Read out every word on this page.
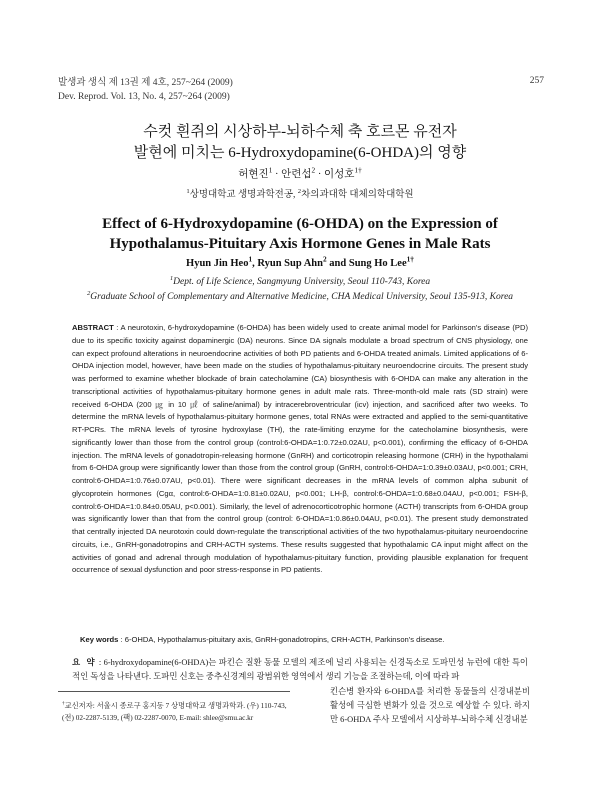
발생과 생식 제 13권 제 4호, 257~264 (2009)
Dev. Reprod. Vol. 13, No. 4, 257~264 (2009)
257
수컷 흰쥐의 시상하부-뇌하수체 축 호르몬 유전자
발현에 미치는 6-Hydroxydopamine(6-OHDA)의 영향
허현진$^1$ · 안련섭$^2$ · 이성호$^{1\dagger}$
$^1$상명대학교 생명과학전공, $^2$차의과대학 대체의학대학원
Effect of 6-Hydroxydopamine (6-OHDA) on the Expression of
Hypothalamus-Pituitary Axis Hormone Genes in Male Rats
Hyun Jin Heo$^1$, Ryun Sup Ahn$^2$ and Sung Ho Lee$^{1\dagger}$
$^1$Dept. of Life Science, Sangmyung University, Seoul 110-743, Korea
$^2$Graduate School of Complementary and Alternative Medicine, CHA Medical University, Seoul 135-913, Korea
ABSTRACT : A neurotoxin, 6-hydroxydopamine (6-OHDA) has been widely used to create animal model for Parkinson's disease (PD) due to its specific toxicity against dopaminergic (DA) neurons. Since DA signals modulate a broad spectrum of CNS physiology, one can expect profound alterations in neuroendocrine activities of both PD patients and 6-OHDA treated animals. Limited applications of 6-OHDA injection model, however, have been made on the studies of hypothalamus-pituitary neuroendocrine circuits. The present study was performed to examine whether blockade of brain catecholamine (CA) biosynthesis with 6-OHDA can make any alteration in the transcriptional activities of hypothalamus-pituitary hormone genes in adult male rats. Three-month-old male rats (SD strain) were received 6-OHDA (200 ㎍ in 10 ㎕ of saline/animal) by intracerebroventricular (icv) injection, and sacrificed after two weeks. To determine the mRNA levels of hypothalamus-pituitary hormone genes, total RNAs were extracted and applied to the semi-quantitative RT-PCRs. The mRNA levels of tyrosine hydroxylase (TH), the rate-limiting enzyme for the catecholamine biosynthesis, were significantly lower than those from the control group (control:6-OHDA=1:0.72±0.02AU, p<0.001), confirming the efficacy of 6-OHDA injection. The mRNA levels of gonadotropin-releasing hormone (GnRH) and corticotropin releasing hormone (CRH) in the hypothalami from 6-OHDA group were significantly lower than those from the control group (GnRH, control:6-OHDA=1:0.39±0.03AU, p<0.001; CRH, control:6-OHDA=1:0.76±0.07AU, p<0.01). There were significant decreases in the mRNA levels of common alpha subunit of glycoprotein hormones (Cgα, control:6-OHDA=1:0.81±0.02AU, p<0.001; LH-β, control:6-OHDA=1:0.68±0.04AU, p<0.001; FSH-β, control:6-OHDA=1:0.84±0.05AU, p<0.001). Similarly, the level of adrenocorticotrophic hormone (ACTH) transcripts from 6-OHDA group was significantly lower than that from the control group (control: 6-OHDA=1:0.86±0.04AU, p<0.01). The present study demonstrated that centrally injected DA neurotoxin could down-regulate the transcriptional activities of the two hypothalamus-pituitary neuroendocrine circuits, i.e., GnRH-gonadotropins and CRH-ACTH systems. These results suggested that hypothalamic CA input might affect on the activities of gonad and adrenal through modulation of hypothalamus-pituitary function, providing plausible explanation for frequent occurrence of sexual dysfunction and poor stress-response in PD patients.
Key words : 6-OHDA, Hypothalamus-pituitary axis, GnRH-gonadotropins, CRH-ACTH, Parkinson's disease.
요 약 : 6-hydroxydopamine(6-OHDA)는 파킨슨 질환 동물 모델의 제조에 널리 사용되는 신경독소로 도파민성 뉴런에 대한 특이적인 독성을 나타낸다. 도파민 신호는 중추신경계의 광범위한 영역에서 생리 기능을 조절하는데, 이에 따라 파
†교신저자: 서울시 종로구 홍지동 7 상명대학교 생명과학과. (우) 110-743,
(전) 02-2287-5139, (팩) 02-2287-0070, E-mail: shlee@smu.ac.kr
킨슨병 환자와 6-OHDA를 처리한 동물들의 신경내분비 활성에 극심한 변화가 있을 것으로 예상할 수 있다. 하지만 6-OHDA 주사 모델에서 시상하부-뇌하수체 신경내분
